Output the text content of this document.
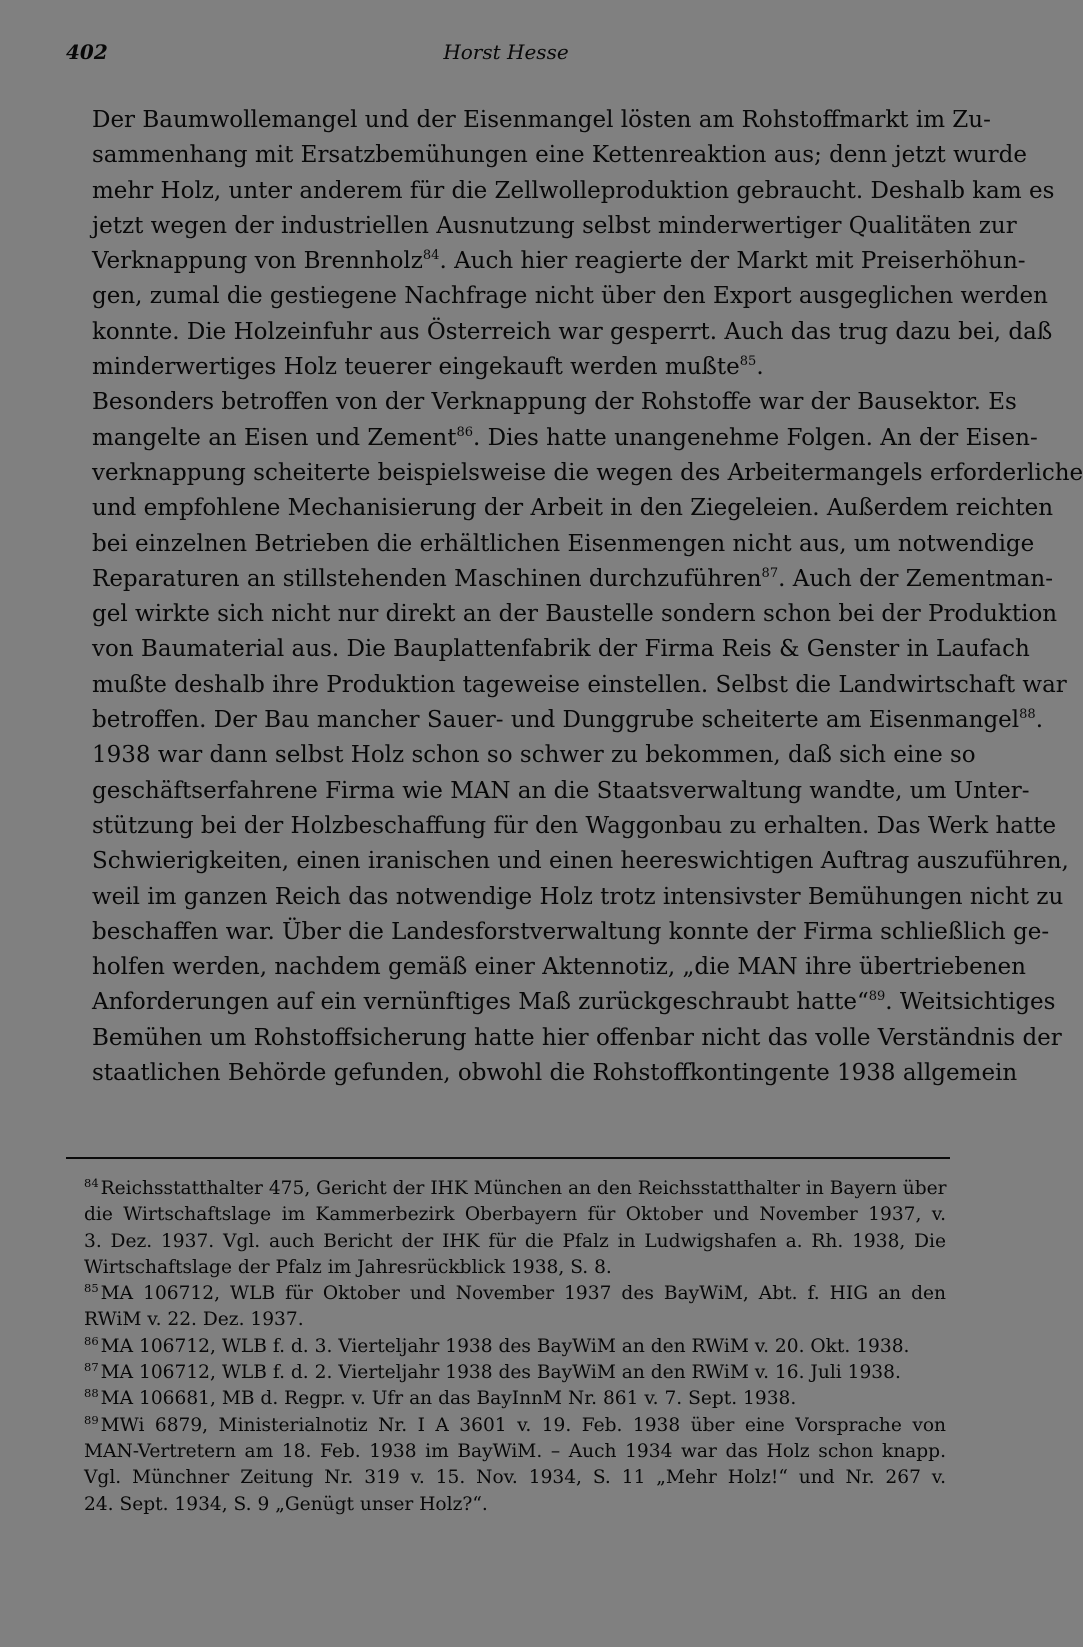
402	Horst Hesse

Der Baumwollemangel und der Eisenmangel lösten am Rohstoffmarkt im Zu-
sammenhang mit Ersatzbemühungen eine Kettenreaktion aus; denn jetzt wurde
mehr Holz, unter anderem für die Zellwolleproduktion gebraucht. Deshalb kam es
jetzt wegen der industriellen Ausnutzung selbst minderwertiger Qualitäten zur
Verknappung von Brennholz$^{84}$. Auch hier reagierte der Markt mit Preiserhöhun-
gen, zumal die gestiegene Nachfrage nicht über den Export ausgeglichen werden
konnte. Die Holzeinfuhr aus Österreich war gesperrt. Auch das trug dazu bei, daß
minderwertiges Holz teuerer eingekauft werden mußte$^{85}$.

Besonders betroffen von der Verknappung der Rohstoffe war der Bausektor. Es
mangelte an Eisen und Zement$^{86}$. Dies hatte unangenehme Folgen. An der Eisen-
verknappung scheiterte beispielsweise die wegen des Arbeitermangels erforderliche
und empfohlene Mechanisierung der Arbeit in den Ziegeleien. Außerdem reichten
bei einzelnen Betrieben die erhältlichen Eisenmengen nicht aus, um notwendige
Reparaturen an stillstehenden Maschinen durchzuführen$^{87}$. Auch der Zementman-
gel wirkte sich nicht nur direkt an der Baustelle sondern schon bei der Produktion
von Baumaterial aus. Die Bauplattenfabrik der Firma Reis & Genster in Laufach
mußte deshalb ihre Produktion tageweise einstellen. Selbst die Landwirtschaft war
betroffen. Der Bau mancher Sauer- und Dunggrube scheiterte am Eisenmangel$^{88}$.

1938 war dann selbst Holz schon so schwer zu bekommen, daß sich eine so
geschäftserfahrene Firma wie MAN an die Staatsverwaltung wandte, um Unter-
stützung bei der Holzbeschaffung für den Waggonbau zu erhalten. Das Werk hatte
Schwierigkeiten, einen iranischen und einen heereswichtigen Auftrag auszuführen,
weil im ganzen Reich das notwendige Holz trotz intensivster Bemühungen nicht zu
beschaffen war. Über die Landesforstverwaltung konnte der Firma schließlich ge-
holfen werden, nachdem gemäß einer Aktennotiz, „die MAN ihre übertriebenen
Anforderungen auf ein vernünftiges Maß zurückgeschraubt hatte“$^{89}$. Weitsichtiges
Bemühen um Rohstoffsicherung hatte hier offenbar nicht das volle Verständnis der
staatlichen Behörde gefunden, obwohl die Rohstoffkontingente 1938 allgemein

$^{84}$ Reichsstatthalter 475, Gericht der IHK München an den Reichsstatthalter in Bayern über
die Wirtschaftslage im Kammerbezirk Oberbayern für Oktober und November 1937, v.
3. Dez. 1937. Vgl. auch Bericht der IHK für die Pfalz in Ludwigshafen a. Rh. 1938, Die
Wirtschaftslage der Pfalz im Jahresrückblick 1938, S. 8.
$^{85}$ MA 106712, WLB für Oktober und November 1937 des BayWiM, Abt. f. HIG an den
RWiM v. 22. Dez. 1937.
$^{86}$ MA 106712, WLB f. d. 3. Vierteljahr 1938 des BayWiM an den RWiM v. 20. Okt. 1938.
$^{87}$ MA 106712, WLB f. d. 2. Vierteljahr 1938 des BayWiM an den RWiM v. 16. Juli 1938.
$^{88}$ MA 106681, MB d. Regpr. v. Ufr an das BayInnM Nr. 861 v. 7. Sept. 1938.
$^{89}$ MWi 6879, Ministerialnotiz Nr. I A 3601 v. 19. Feb. 1938 über eine Vorsprache von
MAN-Vertretern am 18. Feb. 1938 im BayWiM. – Auch 1934 war das Holz schon knapp.
Vgl. Münchner Zeitung Nr. 319 v. 15. Nov. 1934, S. 11 „Mehr Holz!“ und Nr. 267 v.
24. Sept. 1934, S. 9 „Genügt unser Holz?“.
